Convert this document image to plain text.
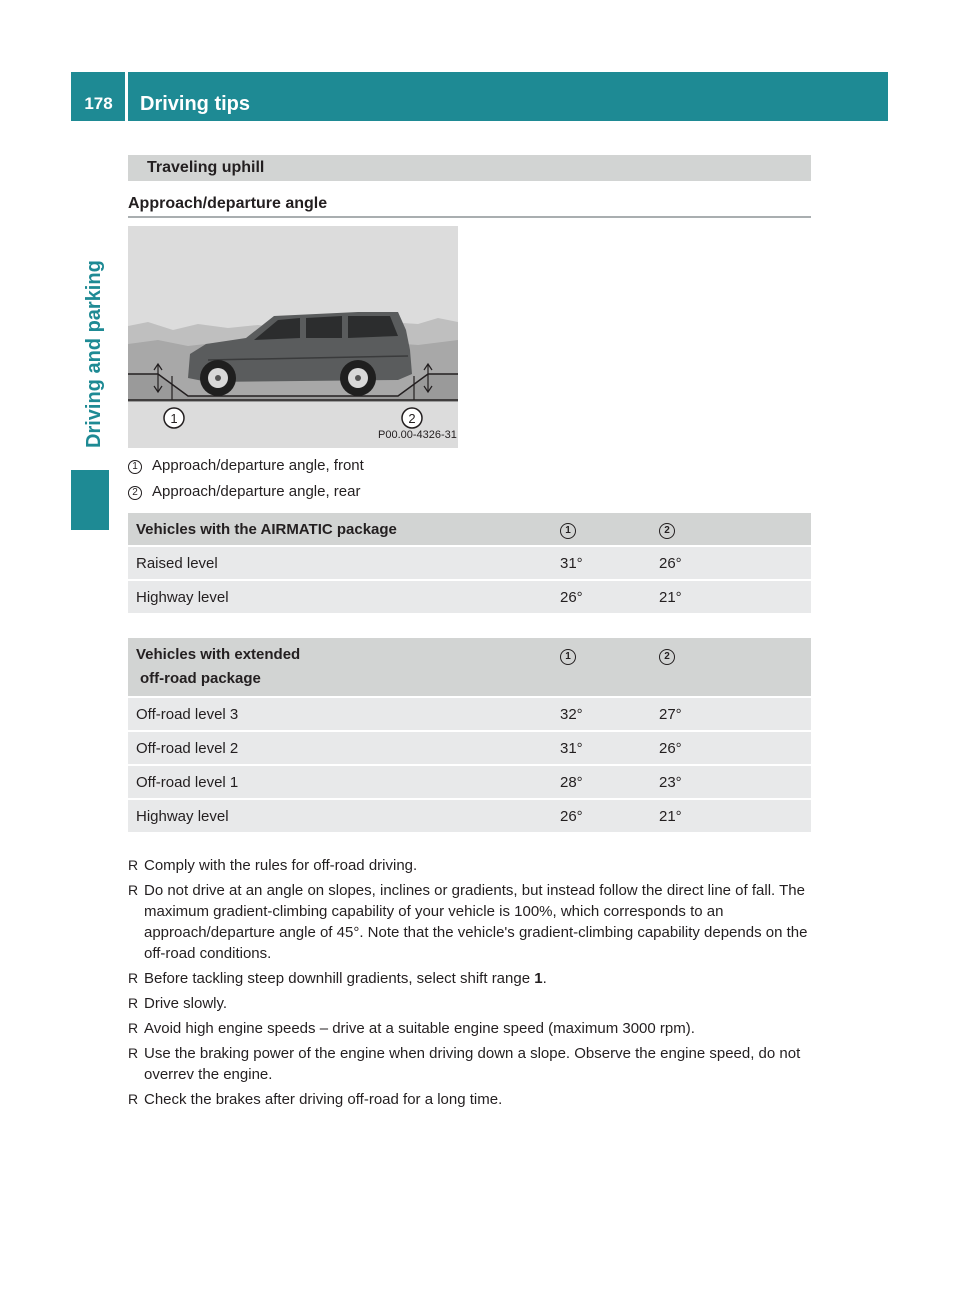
178	Driving tips
Driving and parking
Traveling uphill
Approach/departure angle
1	2
P00.00-4326-31
1 Approach/departure angle, front
2 Approach/departure angle, rear
Vehicles with the AIRMATIC package	1	2
Raised level	31°	26°
Highway level	26°	21°
Vehicles with extended
off-road package	1	2
Off-road level 3	32°	27°
Off-road level 2	31°	26°
Off-road level 1	28°	23°
Highway level	26°	21°
R Comply with the rules for off-road driving.
R Do not drive at an angle on slopes, inclines or gradients, but instead follow the direct line of fall. The maximum gradient-climbing capability of your vehicle is 100%, which corresponds to an approach/departure angle of 45°. Note that the vehicle's gradient-climbing capability depends on the off-road conditions.
R Before tackling steep downhill gradients, select shift range 1.
R Drive slowly.
R Avoid high engine speeds – drive at a suitable engine speed (maximum 3000 rpm).
R Use the braking power of the engine when driving down a slope. Observe the engine speed, do not overrev the engine.
R Check the brakes after driving off-road for a long time.
